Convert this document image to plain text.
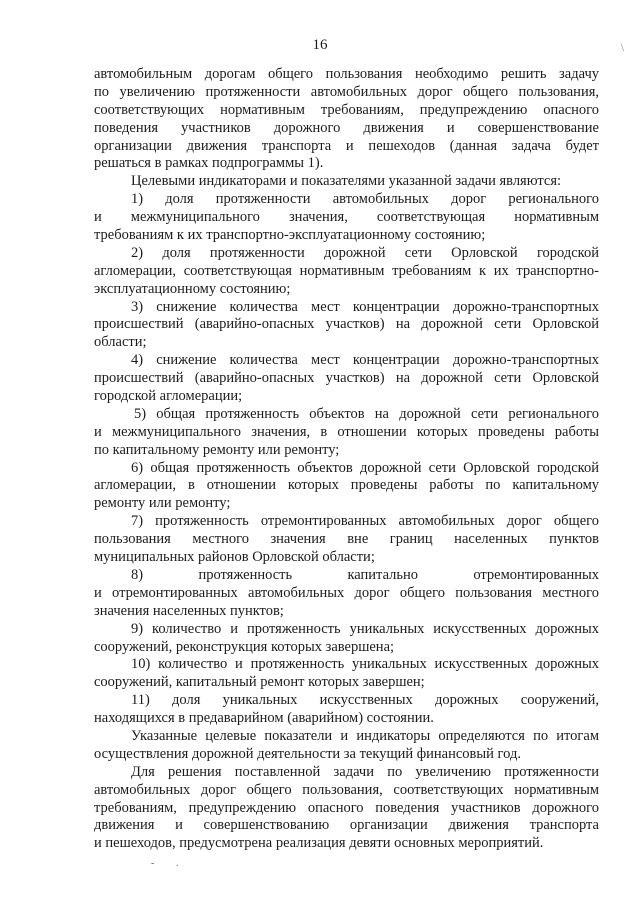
16	\
автомобильным дорогам общего пользования необходимо решить задачу
по увеличению протяженности автомобильных дорог общего пользования,
соответствующих нормативным требованиям, предупреждению опасного
поведения участников дорожного движения и совершенствование
организации движения транспорта и пешеходов (данная задача будет
решаться в рамках подпрограммы 1).
Целевыми индикаторами и показателями указанной задачи являются:
1) доля протяженности автомобильных дорог регионального
и межмуниципального значения, соответствующая нормативным
требованиям к их транспортно-эксплуатационному состоянию;
2) доля протяженности дорожной сети Орловской городской
агломерации, соответствующая нормативным требованиям к их транспортно-
эксплуатационному состоянию;
3) снижение количества мест концентрации дорожно-транспортных
происшествий (аварийно-опасных участков) на дорожной сети Орловской
области;
4) снижение количества мест концентрации дорожно-транспортных
происшествий (аварийно-опасных участков) на дорожной сети Орловской
городской агломерации;
5) общая протяженность объектов на дорожной сети регионального
и межмуниципального значения, в отношении которых проведены работы
по капитальному ремонту или ремонту;
6) общая протяженность объектов дорожной сети Орловской городской
агломерации, в отношении которых проведены работы по капитальному
ремонту или ремонту;
7) протяженность отремонтированных автомобильных дорог общего
пользования местного значения вне границ населенных пунктов
муниципальных районов Орловской области;
8) протяженность капитально отремонтированных
и отремонтированных автомобильных дорог общего пользования местного
значения населенных пунктов;
9) количество и протяженность уникальных искусственных дорожных
сооружений, реконструкция которых завершена;
10) количество и протяженность уникальных искусственных дорожных
сооружений, капитальный ремонт которых завершен;
11) доля уникальных искусственных дорожных сооружений,
находящихся в предаварийном (аварийном) состоянии.
Указанные целевые показатели и индикаторы определяются по итогам
осуществления дорожной деятельности за текущий финансовый год.
Для решения поставленной задачи по увеличению протяженности
автомобильных дорог общего пользования, соответствующих нормативным
требованиям, предупреждению опасного поведения участников дорожного
движения и совершенствованию организации движения транспорта
и пешеходов, предусмотрена реализация девяти основных мероприятий.
- .
